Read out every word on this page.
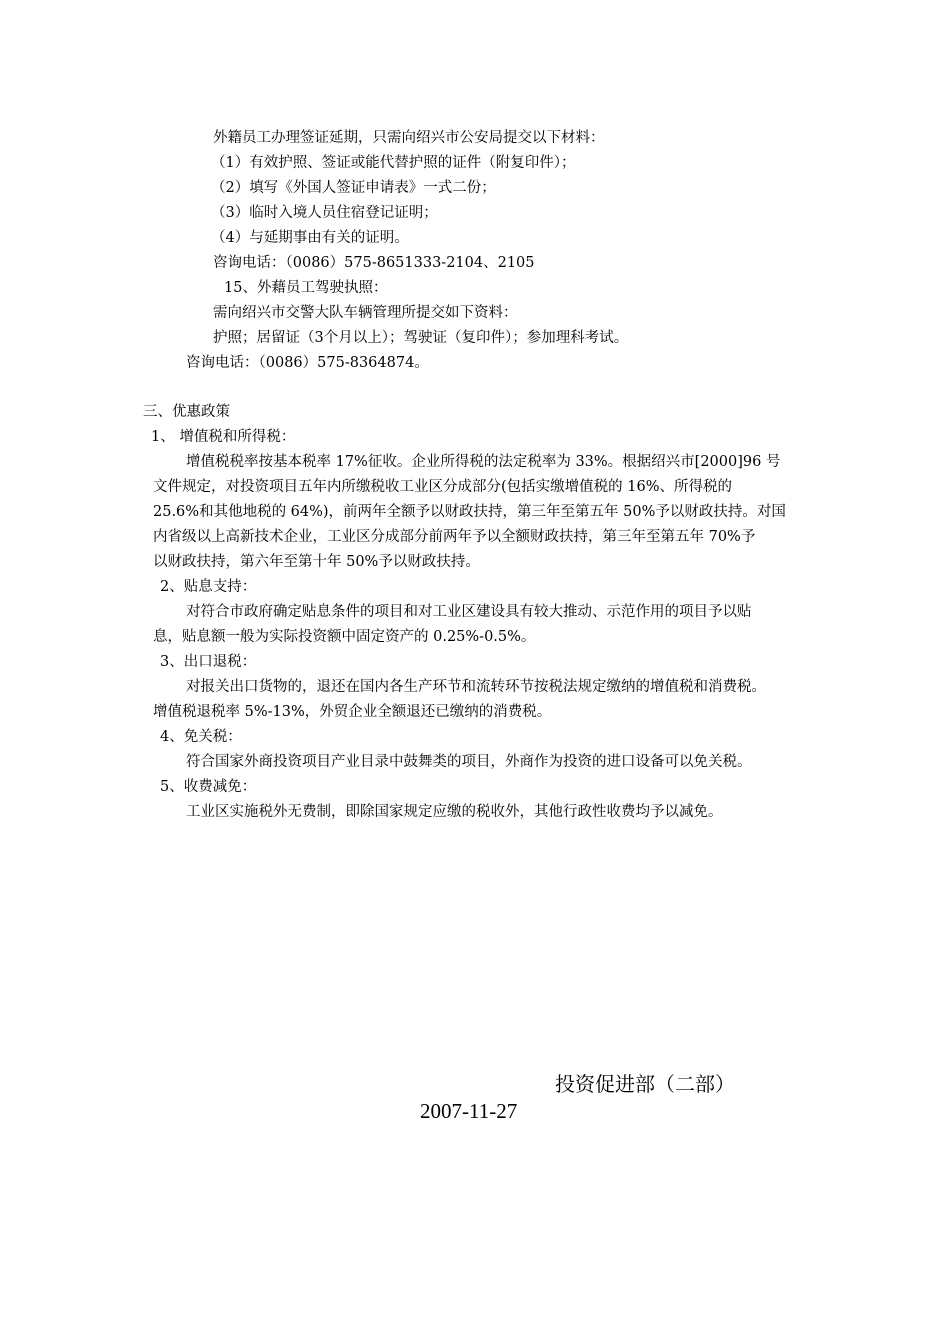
外籍员工办理签证延期，只需向绍兴市公安局提交以下材料：
（1）有效护照、签证或能代替护照的证件（附复印件）；
（2）填写《外国人签证申请表》一式二份；
（3）临时入境人员住宿登记证明；
（4）与延期事由有关的证明。
咨询电话：（0086）575-8651333-2104、2105
15、外藉员工驾驶执照：
需向绍兴市交警大队车辆管理所提交如下资料：
护照；居留证（3个月以上）；驾驶证（复印件）；参加理科考试。
咨询电话：（0086）575-8364874。
三、优惠政策
1、 增值税和所得税：
增值税税率按基本税率 17%征收。企业所得税的法定税率为 33%。根据绍兴市[2000]96 号
文件规定，对投资项目五年内所缴税收工业区分成部分(包括实缴增值税的 16%、所得税的
25.6%和其他地税的 64%)，前两年全额予以财政扶持，第三年至第五年 50%予以财政扶持。对国
内省级以上高新技术企业，工业区分成部分前两年予以全额财政扶持，第三年至第五年 70%予
以财政扶持，第六年至第十年 50%予以财政扶持。
2、贴息支持：
对符合市政府确定贴息条件的项目和对工业区建设具有较大推动、示范作用的项目予以贴
息，贴息额一般为实际投资额中固定资产的 0.25%-0.5%。
3、出口退税：
对报关出口货物的，退还在国内各生产环节和流转环节按税法规定缴纳的增值税和消费税。
增值税退税率 5%-13%，外贸企业全额退还已缴纳的消费税。
4、免关税：
符合国家外商投资项目产业目录中鼓舞类的项目，外商作为投资的进口设备可以免关税。
5、收费减免：
工业区实施税外无费制，即除国家规定应缴的税收外，其他行政性收费均予以减免。
投资促进部（二部）
2007-11-27
